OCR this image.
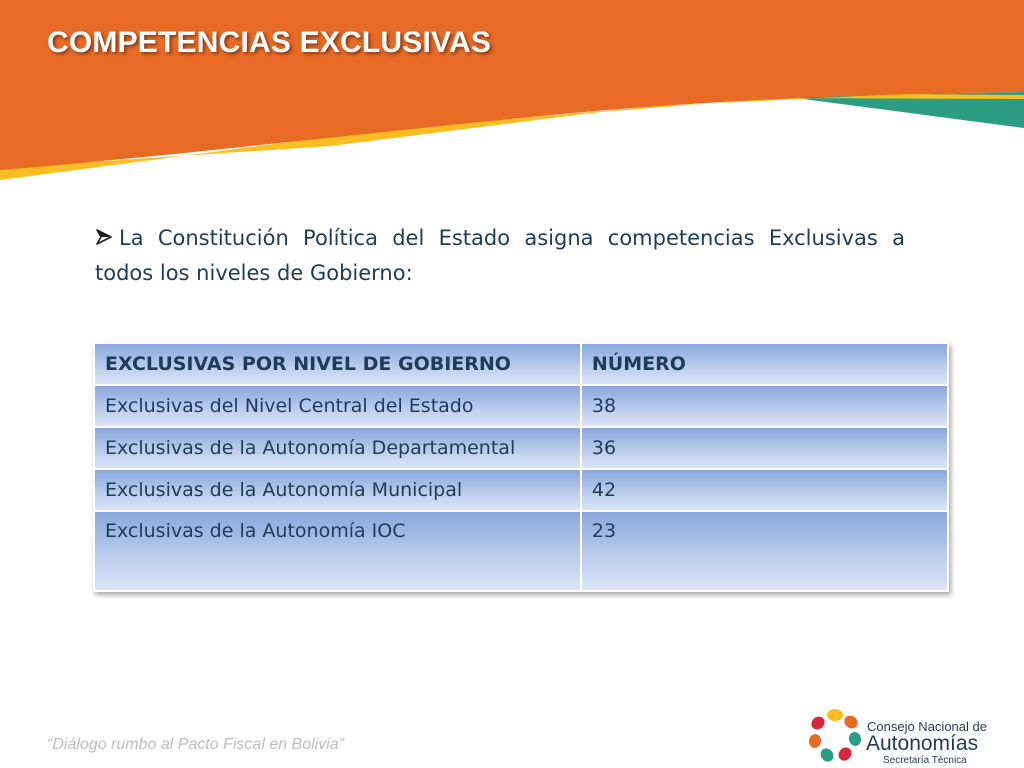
COMPETENCIAS EXCLUSIVAS

La Constitución Política del Estado asigna competencias Exclusivas a todos los niveles de Gobierno:

EXCLUSIVAS POR NIVEL DE GOBIERNO	NÚMERO
Exclusivas del Nivel Central del Estado	38
Exclusivas de la Autonomía Departamental	36
Exclusivas de la Autonomía Municipal	42
Exclusivas de la Autonomía IOC	23

“Diálogo rumbo al Pacto Fiscal en Bolivia”

Consejo Nacional de

Autonomías

Secretaría Técnica
